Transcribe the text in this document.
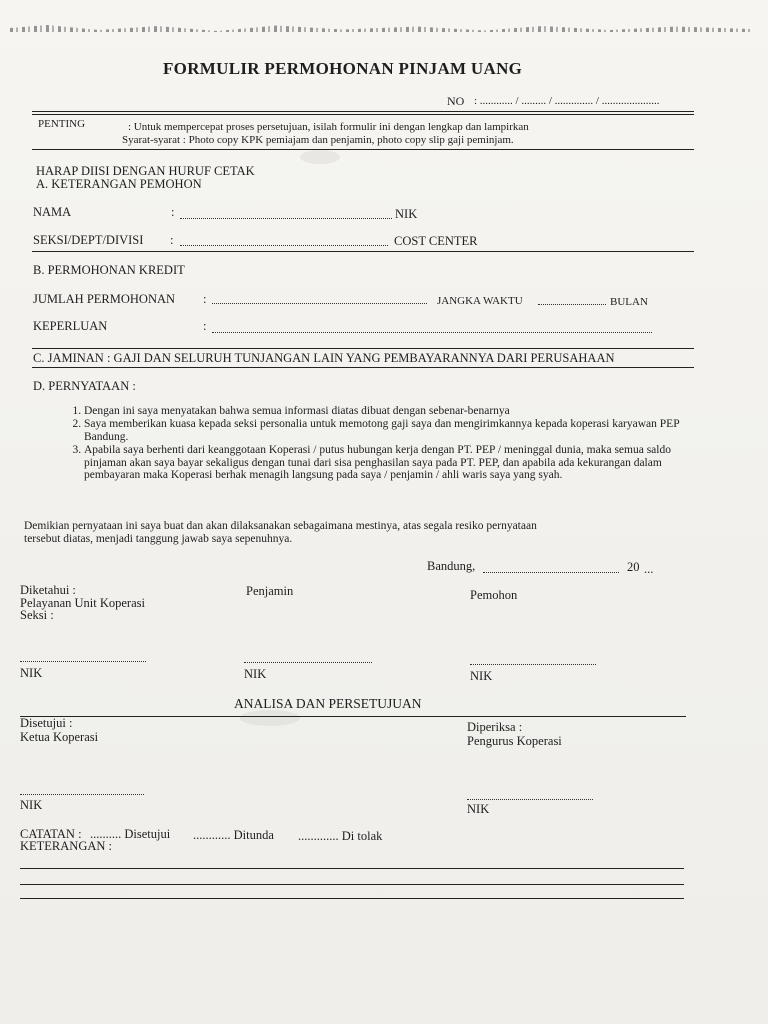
FORMULIR PERMOHONAN PINJAM UANG
NO : ............ / ......... / .............. / .....................
PENTING	: Untuk mempercepat proses persetujuan, isilah formulir ini dengan lengkap dan lampirkan
Syarat-syarat : Photo copy KPK pemiajam dan penjamin, photo copy slip gaji peminjam.
HARAP DIISI DENGAN HURUF CETAK
A. KETERANGAN PEMOHON
NAMA	:	NIK
SEKSI/DEPT/DIVISI :	COST CENTER
B. PERMOHONAN KREDIT
JUMLAH PERMOHONAN :	JANGKA WAKTU	BULAN
KEPERLUAN	:
C. JAMINAN : GAJI DAN SELURUH TUNJANGAN LAIN YANG PEMBAYARANNYA DARI PERUSAHAAN
D. PERNYATAAN :
1. Dengan ini saya menyatakan bahwa semua informasi diatas dibuat dengan sebenar-benarnya
2. Saya memberikan kuasa kepada seksi personalia untuk memotong gaji saya dan mengirimkannya kepada koperasi karyawan PEP Bandung.
3. Apabila saya berhenti dari keanggotaan Koperasi / putus hubungan kerja dengan PT. PEP / meninggal dunia, maka semua saldo pinjaman akan saya bayar sekaligus dengan tunai dari sisa penghasilan saya pada PT. PEP, dan apabila ada kekurangan dalam pembayaran maka Koperasi berhak menagih langsung pada saya / penjamin / ahli waris saya yang syah.
Demikian pernyataan ini saya buat dan akan dilaksanakan sebagaimana mestinya, atas segala resiko pernyataan
tersebut diatas, menjadi tanggung jawab saya sepenuhnya.
Bandung,	20 ...
Diketahui :
Pelayanan Unit Koperasi
Seksi :
Penjamin	Pemohon
NIK	NIK	NIK
ANALISA DAN PERSETUJUAN
Disetujui :
Ketua Koperasi
Diperiksa :
Pengurus Koperasi
NIK	NIK
CATATAN : .......... Disetujui ............ Ditunda ............. Di tolak
KETERANGAN :
